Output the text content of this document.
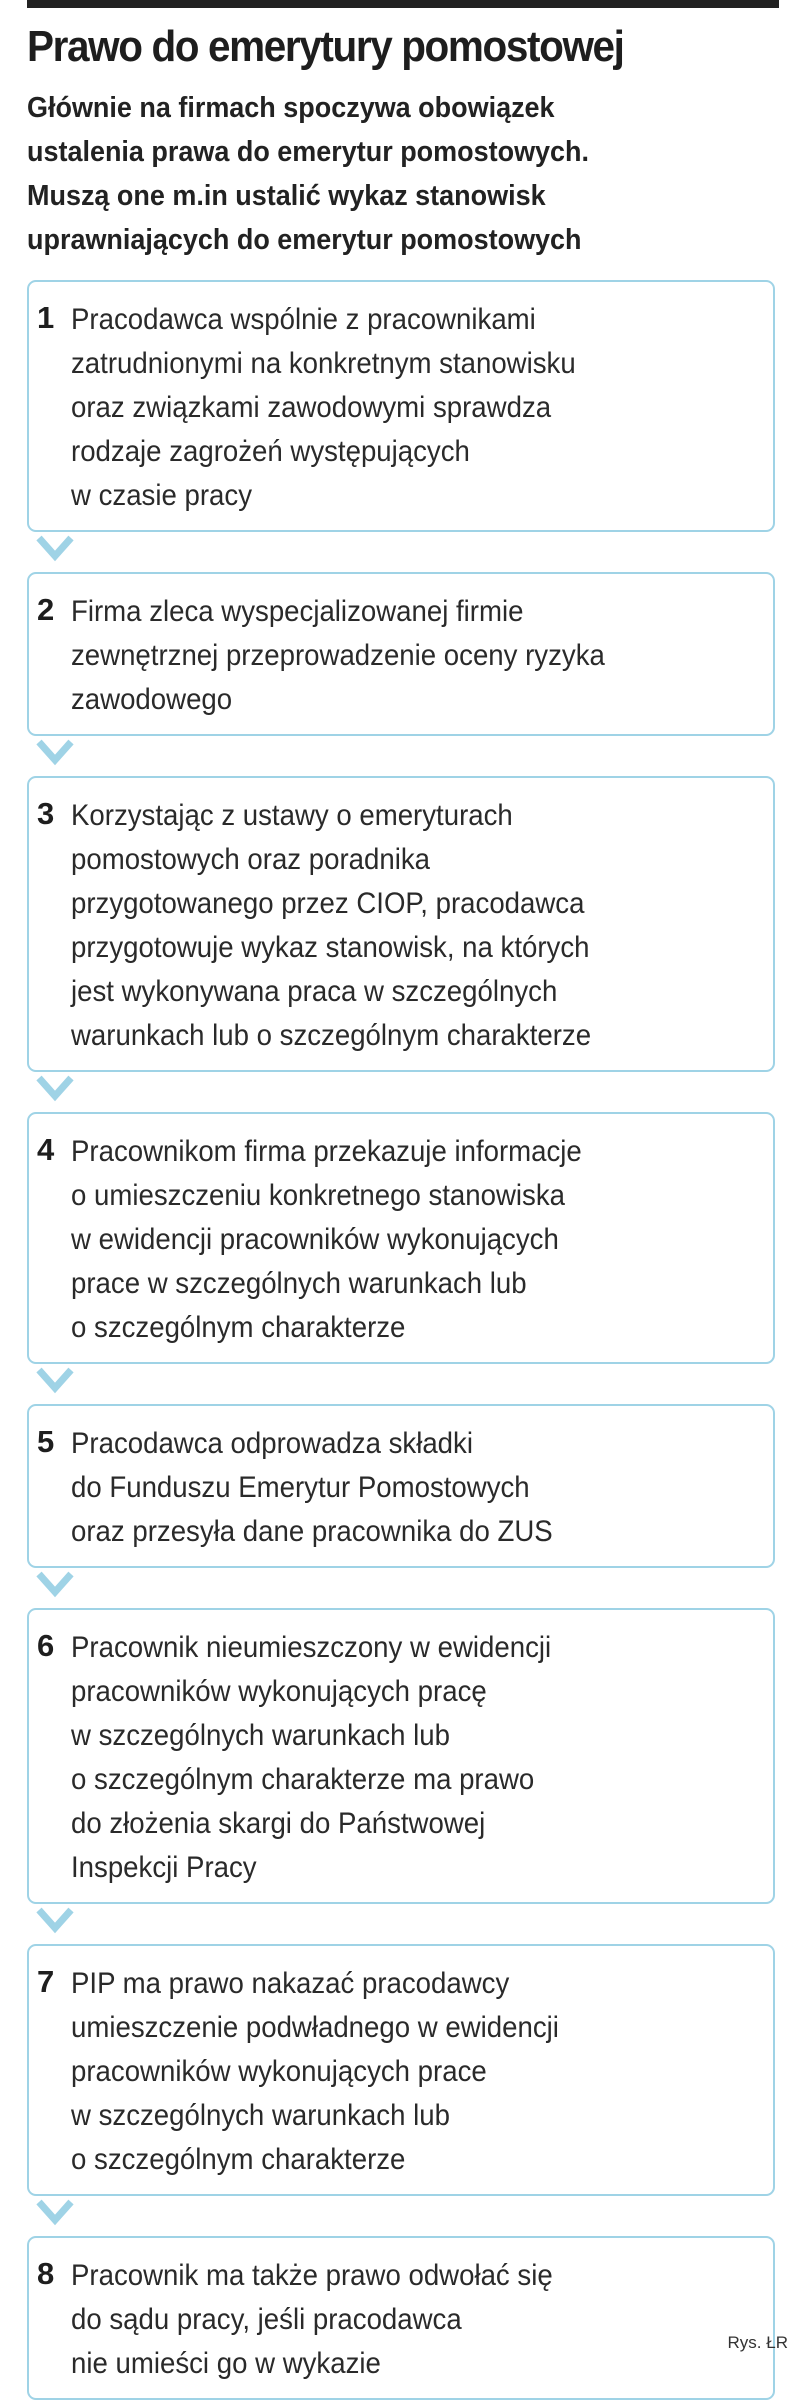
Prawo do emerytury pomostowej
Głównie na firmach spoczywa obowiązek
ustalenia prawa do emerytur pomostowych.
Muszą one m.in ustalić wykaz stanowisk
uprawniających do emerytur pomostowych
1 Pracodawca wspólnie z pracownikami
zatrudnionymi na konkretnym stanowisku
oraz związkami zawodowymi sprawdza
rodzaje zagrożeń występujących
w czasie pracy
2 Firma zleca wyspecjalizowanej firmie
zewnętrznej przeprowadzenie oceny ryzyka
zawodowego
3 Korzystając z ustawy o emeryturach
pomostowych oraz poradnika
przygotowanego przez CIOP, pracodawca
przygotowuje wykaz stanowisk, na których
jest wykonywana praca w szczególnych
warunkach lub o szczególnym charakterze
4 Pracownikom firma przekazuje informacje
o umieszczeniu konkretnego stanowiska
w ewidencji pracowników wykonujących
prace w szczególnych warunkach lub
o szczególnym charakterze
5 Pracodawca odprowadza składki
do Funduszu Emerytur Pomostowych
oraz przesyła dane pracownika do ZUS
6 Pracownik nieumieszczony w ewidencji
pracowników wykonujących pracę
w szczególnych warunkach lub
o szczególnym charakterze ma prawo
do złożenia skargi do Państwowej
Inspekcji Pracy
7 PIP ma prawo nakazać pracodawcy
umieszczenie podwładnego w ewidencji
pracowników wykonujących prace
w szczególnych warunkach lub
o szczególnym charakterze
8 Pracownik ma także prawo odwołać się
do sądu pracy, jeśli pracodawca
nie umieści go w wykazie
Rys. ŁR
